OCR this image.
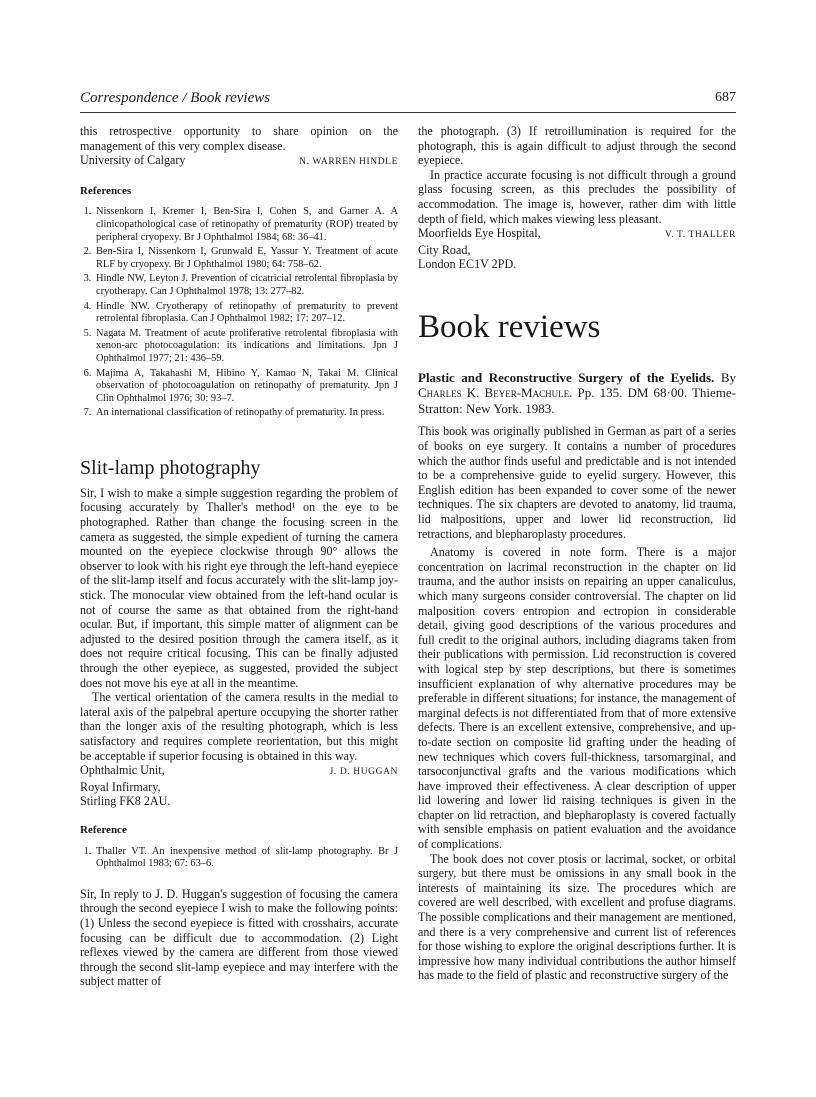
Correspondence / Book reviews	687

this retrospective opportunity to share opinion on the management of this very complex disease.

University of Calgary	N. WARREN HINDLE
References
1. Nissenkorn I, Kremer I, Ben-Sira I, Cohen S, and Garner A. A clinicopathological case of retinopathy of prematurity (ROP) treated by peripheral cryopexy. Br J Ophthalmol 1984; 68: 36–41.
2. Ben-Sira I, Nissenkorn I, Grunwald E, Yassur Y. Treatment of acute RLF by cryopexy. Br J Ophthalmol 1980; 64: 758–62.
3. Hindle NW, Leyton J. Prevention of cicatricial retrolental fibroplasia by cryotherapy. Can J Ophthalmol 1978; 13: 277–82.
4. Hindle NW. Cryotherapy of retinopathy of prematurity to prevent retrolental fibroplasia. Can J Ophthalmol 1982; 17: 207–12.
5. Nagata M. Treatment of acute proliferative retrolental fibroplasia with xenon-arc photocoagulation: its indications and limitations. Jpn J Ophthalmol 1977; 21: 436–59.
6. Majima A, Takahashi M, Hibino Y, Kamao N, Takai M. Clinical observation of photocoagulation on retinopathy of prematurity. Jpn J Clin Ophthalmol 1976; 30: 93–7.
7. An international classification of retinopathy of prematurity. In press.
Slit-lamp photography

Sir, I wish to make a simple suggestion regarding the problem of focusing accurately by Thaller's method¹ on the eye to be photographed. Rather than change the focusing screen in the camera as suggested, the simple expedient of turning the camera mounted on the eyepiece clockwise through 90° allows the observer to look with his right eye through the left-hand eyepiece of the slit-lamp itself and focus accurately with the slit-lamp joy-stick. The monocular view obtained from the left-hand ocular is not of course the same as that obtained from the right-hand ocular. But, if important, this simple matter of alignment can be adjusted to the desired position through the camera itself, as it does not require critical focusing. This can be finally adjusted through the other eyepiece, as suggested, provided the subject does not move his eye at all in the meantime.

The vertical orientation of the camera results in the medial to lateral axis of the palpebral aperture occupying the shorter rather than the longer axis of the resulting photograph, which is less satisfactory and requires complete reorientation, but this might be acceptable if superior focusing is obtained in this way.

Ophthalmic Unit,	J. D. HUGGAN
Royal Infirmary,
Stirling FK8 2AU.
Reference
1. Thaller VT. An inexpensive method of slit-lamp photography. Br J Ophthalmol 1983; 67: 63–6.

Sir, In reply to J. D. Huggan's suggestion of focusing the camera through the second eyepiece I wish to make the following points: (1) Unless the second eyepiece is fitted with crosshairs, accurate focusing can be difficult due to accommodation. (2) Light reflexes viewed by the camera are different from those viewed through the second slit-lamp eyepiece and may interfere with the subject matter of

the photograph. (3) If retroillumination is required for the photograph, this is again difficult to adjust through the second eyepiece.

In practice accurate focusing is not difficult through a ground glass focusing screen, as this precludes the possibility of accommodation. The image is, however, rather dim with little depth of field, which makes viewing less pleasant.

Moorfields Eye Hospital,	V. T. THALLER
City Road,
London EC1V 2PD.
Book reviews
Plastic and Reconstructive Surgery of the Eyelids. By Charles K. Beyer-Machule. Pp. 135. DM 68·00. Thieme-Stratton: New York. 1983.

This book was originally published in German as part of a series of books on eye surgery. It contains a number of procedures which the author finds useful and predictable and is not intended to be a comprehensive guide to eyelid surgery. However, this English edition has been expanded to cover some of the newer techniques. The six chapters are devoted to anatomy, lid trauma, lid malpositions, upper and lower lid reconstruction, lid retractions, and blepharoplasty procedures.

Anatomy is covered in note form. There is a major concentration on lacrimal reconstruction in the chapter on lid trauma, and the author insists on repairing an upper canaliculus, which many surgeons consider controversial. The chapter on lid malposition covers entropion and ectropion in considerable detail, giving good descriptions of the various procedures and full credit to the original authors, including diagrams taken from their publications with permission. Lid reconstruction is covered with logical step by step descriptions, but there is sometimes insufficient explanation of why alternative procedures may be preferable in different situations; for instance, the management of marginal defects is not differentiated from that of more extensive defects. There is an excellent extensive, comprehensive, and up-to-date section on composite lid grafting under the heading of new techniques which covers full-thickness, tarsomarginal, and tarsoconjunctival grafts and the various modifications which have improved their effectiveness. A clear description of upper lid lowering and lower lid raising techniques is given in the chapter on lid retraction, and blepharoplasty is covered factually with sensible emphasis on patient evaluation and the avoidance of complications.

The book does not cover ptosis or lacrimal, socket, or orbital surgery, but there must be omissions in any small book in the interests of maintaining its size. The procedures which are covered are well described, with excellent and profuse diagrams. The possible complications and their management are mentioned, and there is a very comprehensive and current list of references for those wishing to explore the original descriptions further. It is impressive how many individual contributions the author himself has made to the field of plastic and reconstructive surgery of the
